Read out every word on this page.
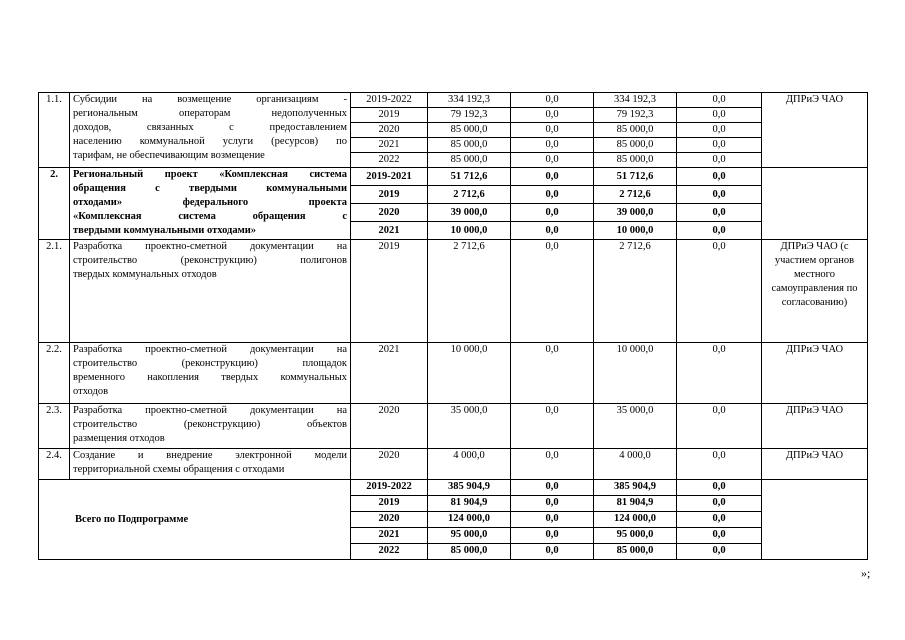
1.1.	Субсидии на возмещение организациям -
региональным операторам недополученных
доходов, связанных с предоставлением
населению коммунальной услуги (ресурсов) по
тарифам, не обеспечивающим возмещение	2019-2022	334 192,3	0,0	334 192,3	0,0	ДПРиЭ ЧАО
		2019	79 192,3	0,0	79 192,3	0,0	
		2020	85 000,0	0,0	85 000,0	0,0	
		2021	85 000,0	0,0	85 000,0	0,0	
		2022	85 000,0	0,0	85 000,0	0,0	
2.	Региональный проект «Комплексная система
обращения с твердыми коммунальными
отходами» федерального проекта
«Комплексная система обращения с
твердыми коммунальными отходами»	2019-2021	51 712,6	0,0	51 712,6	0,0	
		2019	2 712,6	0,0	2 712,6	0,0	
		2020	39 000,0	0,0	39 000,0	0,0	
		2021	10 000,0	0,0	10 000,0	0,0	
2.1.	Разработка проектно-сметной документации на
строительство (реконструкцию) полигонов
твердых коммунальных отходов	2019	2 712,6	0,0	2 712,6	0,0	ДПРиЭ ЧАО (с участием органов местного самоуправления по согласованию)
2.2.	Разработка проектно-сметной документации на
строительство (реконструкцию) площадок
временного накопления твердых коммунальных
отходов	2021	10 000,0	0,0	10 000,0	0,0	ДПРиЭ ЧАО
2.3.	Разработка проектно-сметной документации на
строительство (реконструкцию) объектов
размещения отходов	2020	35 000,0	0,0	35 000,0	0,0	ДПРиЭ ЧАО
2.4.	Создание и внедрение электронной модели
территориальной схемы обращения с отходами	2020	4 000,0	0,0	4 000,0	0,0	ДПРиЭ ЧАО
Всего по Подпрограмме		2019-2022	385 904,9	0,0	385 904,9	0,0	
		2019	81 904,9	0,0	81 904,9	0,0	
		2020	124 000,0	0,0	124 000,0	0,0	
		2021	95 000,0	0,0	95 000,0	0,0	
		2022	85 000,0	0,0	85 000,0	0,0	
»;
